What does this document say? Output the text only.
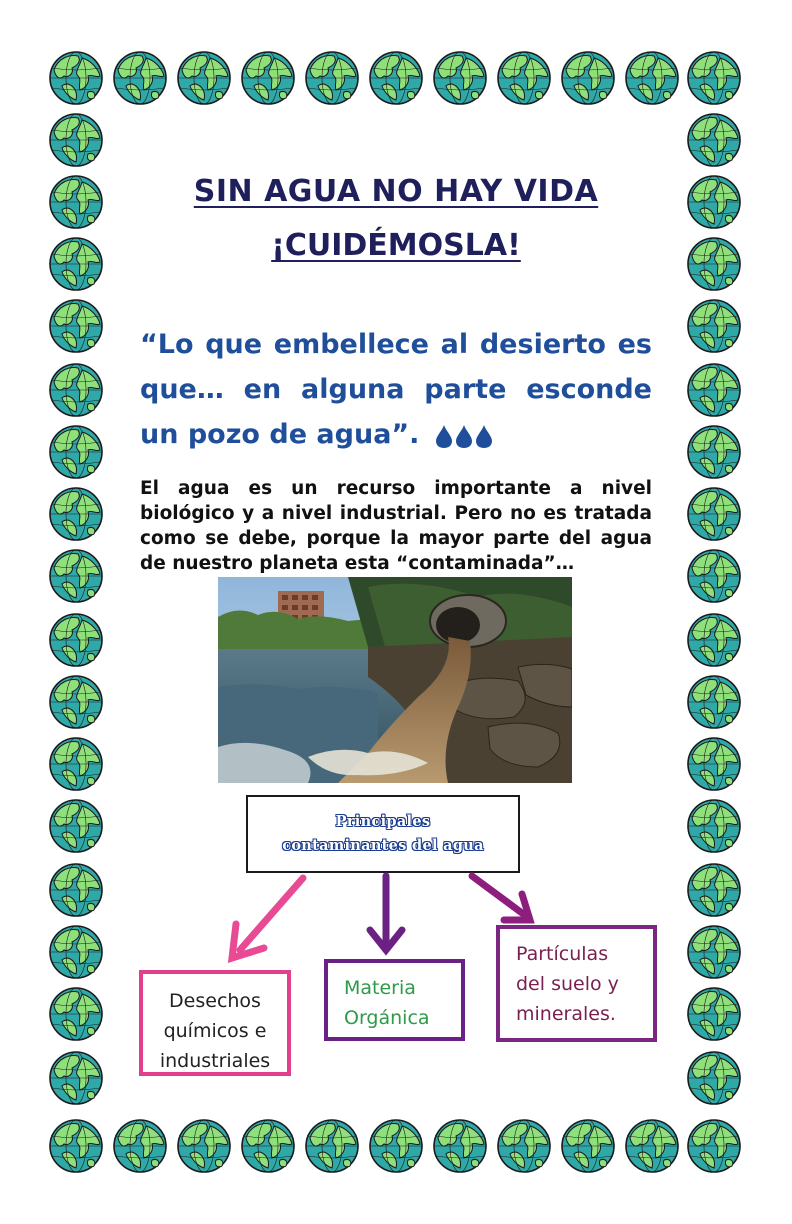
SIN AGUA NO HAY VIDA
¡CUIDÉMOSLA!
“Lo que embellece al desierto es que… en alguna parte esconde un pozo de agua”.
El agua es un recurso importante a nivel biológico y a nivel industrial. Pero no es tratada como se debe, porque la mayor parte del agua de nuestro planeta esta “contaminada”…
Principales
contaminantes del agua
Desechos
químicos e
industriales
Materia
Orgánica
Partículas
del suelo y
minerales.
